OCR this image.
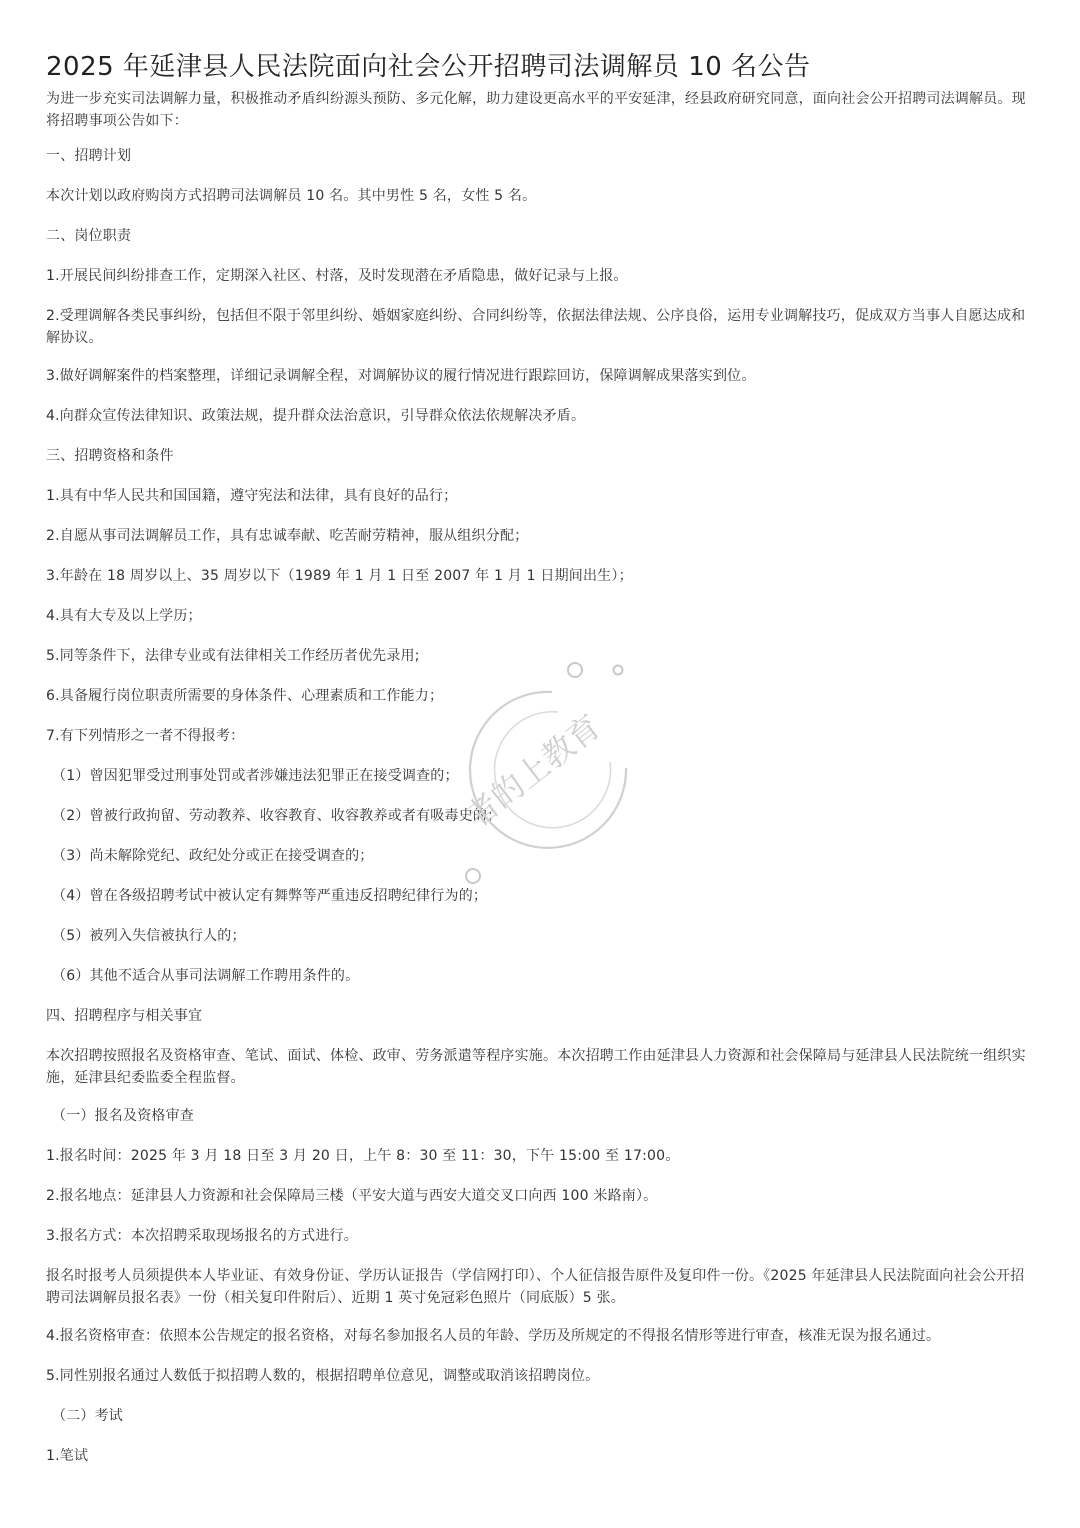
2025 年延津县人民法院面向社会公开招聘司法调解员 10 名公告

为进一步充实司法调解力量，积极推动矛盾纠纷源头预防、多元化解，助力建设更高水平的平安延津，经县政府研究同意，面向社会公开招聘司法调解员。现将招聘事项公告如下：

一、招聘计划

本次计划以政府购岗方式招聘司法调解员 10 名。其中男性 5 名，女性 5 名。

二、岗位职责

1.开展民间纠纷排查工作，定期深入社区、村落，及时发现潜在矛盾隐患，做好记录与上报。

2.受理调解各类民事纠纷，包括但不限于邻里纠纷、婚姻家庭纠纷、合同纠纷等，依据法律法规、公序良俗，运用专业调解技巧，促成双方当事人自愿达成和解协议。

3.做好调解案件的档案整理，详细记录调解全程，对调解协议的履行情况进行跟踪回访，保障调解成果落实到位。

4.向群众宣传法律知识、政策法规，提升群众法治意识，引导群众依法依规解决矛盾。

三、招聘资格和条件

1.具有中华人民共和国国籍，遵守宪法和法律，具有良好的品行；

2.自愿从事司法调解员工作，具有忠诚奉献、吃苦耐劳精神，服从组织分配；

3.年龄在 18 周岁以上、35 周岁以下（1989 年 1 月 1 日至 2007 年 1 月 1 日期间出生）；

4.具有大专及以上学历；

5.同等条件下，法律专业或有法律相关工作经历者优先录用;

6.具备履行岗位职责所需要的身体条件、心理素质和工作能力；

7.有下列情形之一者不得报考：

（1）曾因犯罪受过刑事处罚或者涉嫌违法犯罪正在接受调查的；

（2）曾被行政拘留、劳动教养、收容教育、收容教养或者有吸毒史的；

（3）尚未解除党纪、政纪处分或正在接受调查的；

（4）曾在各级招聘考试中被认定有舞弊等严重违反招聘纪律行为的；

（5）被列入失信被执行人的；

（6）其他不适合从事司法调解工作聘用条件的。

四、招聘程序与相关事宜

本次招聘按照报名及资格审查、笔试、面试、体检、政审、劳务派遣等程序实施。本次招聘工作由延津县人力资源和社会保障局与延津县人民法院统一组织实施，延津县纪委监委全程监督。

（一）报名及资格审查

1.报名时间：2025 年 3 月 18 日至 3 月 20 日，上午 8：30 至 11：30，下午 15:00 至 17:00。

2.报名地点：延津县人力资源和社会保障局三楼（平安大道与西安大道交叉口向西 100 米路南）。

3.报名方式：本次招聘采取现场报名的方式进行。

报名时报考人员须提供本人毕业证、有效身份证、学历认证报告（学信网打印）、个人征信报告原件及复印件一份。《2025 年延津县人民法院面向社会公开招聘司法调解员报名表》一份（相关复印件附后）、近期 1 英寸免冠彩色照片（同底版）5 张。

4.报名资格审查：依照本公告规定的报名资格，对每名参加报名人员的年龄、学历及所规定的不得报名情形等进行审查，核准无误为报名通过。

5.同性别报名通过人数低于拟招聘人数的，根据招聘单位意见，调整或取消该招聘岗位。

（二）考试

1.笔试

者的上教育
